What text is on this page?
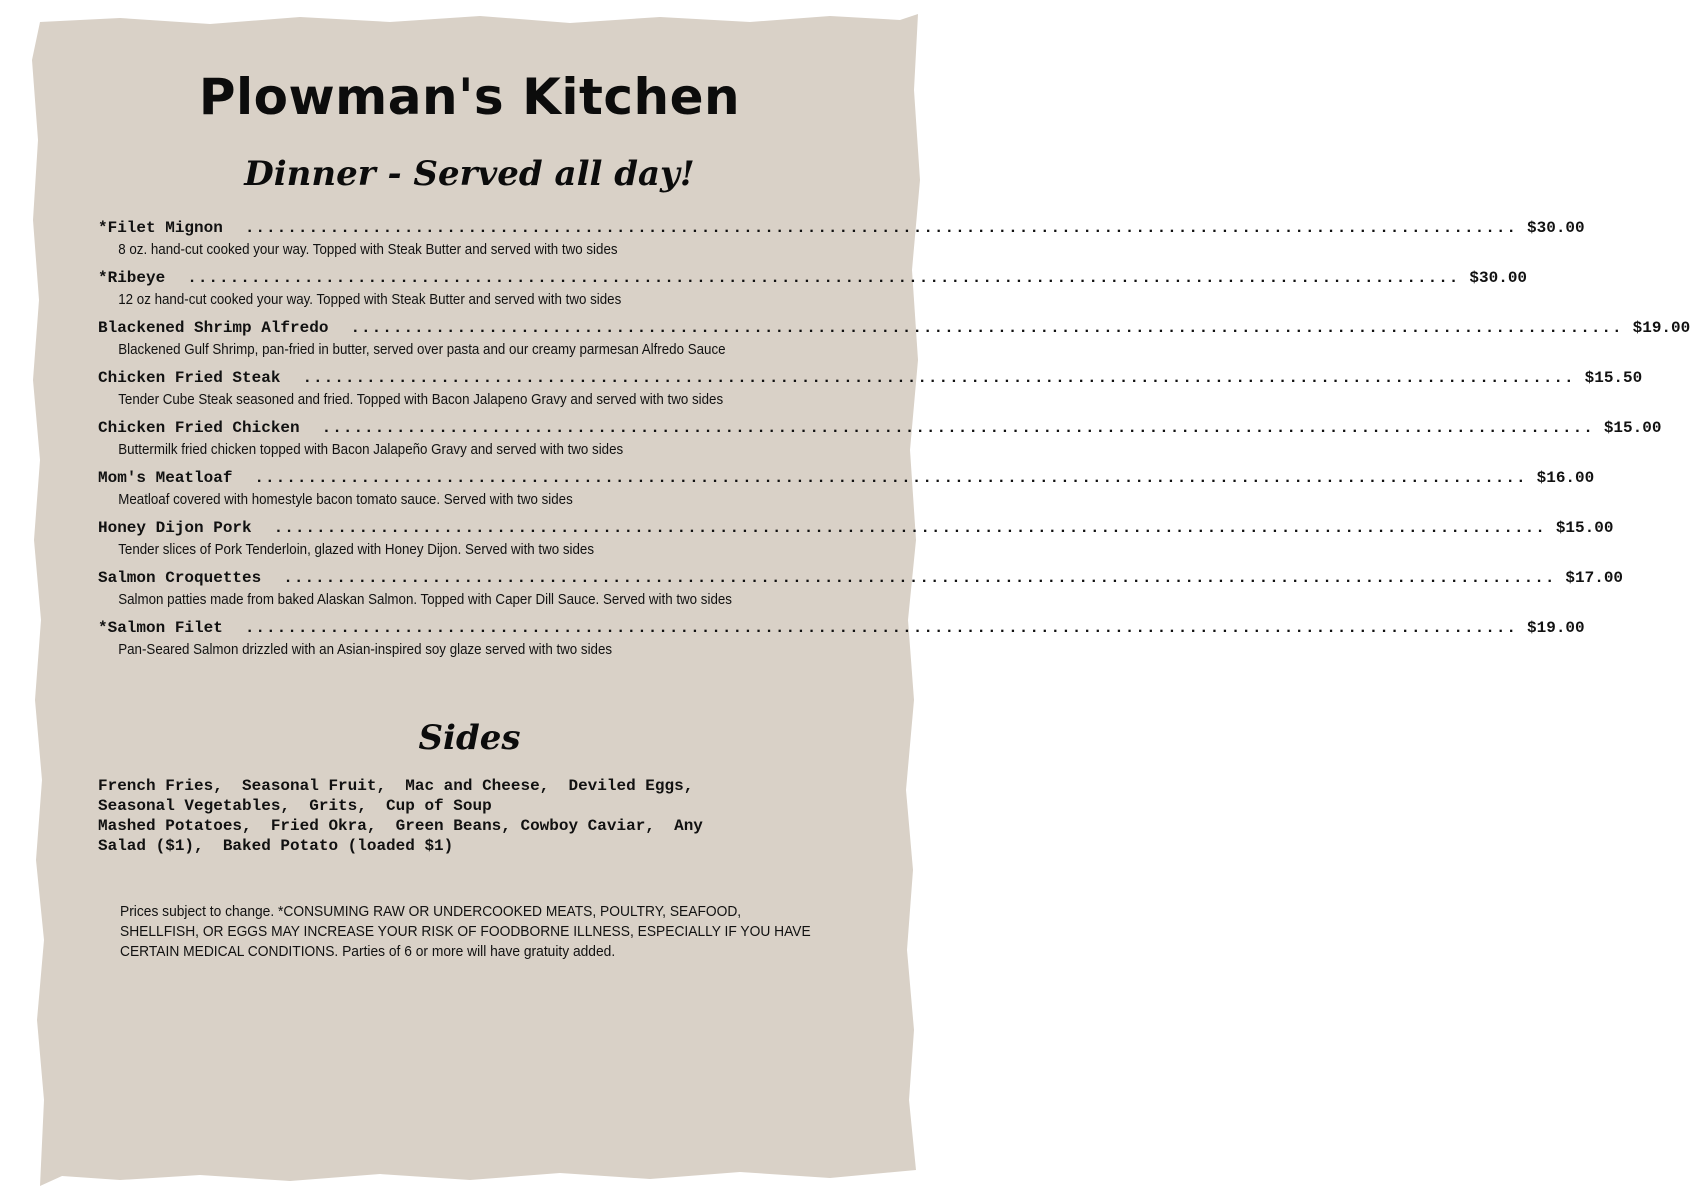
Plowman's Kitchen
Dinner - Served all day!
*Filet Mignon ........................................................................................................................ $30.00
8 oz. hand-cut cooked your way. Topped with Steak Butter and served with two sides
*Ribeye ........................................................................................................................ $30.00
12 oz hand-cut cooked your way. Topped with Steak Butter and served with two sides
Blackened Shrimp Alfredo ........................................................................................................................ $19.00
Blackened Gulf Shrimp, pan-fried in butter, served over pasta and our creamy parmesan Alfredo Sauce
Chicken Fried Steak ........................................................................................................................ $15.50
Tender Cube Steak seasoned and fried. Topped with Bacon Jalapeno Gravy and served with two sides
Chicken Fried Chicken ........................................................................................................................ $15.00
Buttermilk fried chicken topped with Bacon Jalapeño Gravy and served with two sides
Mom's Meatloaf ........................................................................................................................ $16.00
Meatloaf covered with homestyle bacon tomato sauce. Served with two sides
Honey Dijon Pork ........................................................................................................................ $15.00
Tender slices of Pork Tenderloin, glazed with Honey Dijon. Served with two sides
Salmon Croquettes ........................................................................................................................ $17.00
Salmon patties made from baked Alaskan Salmon. Topped with Caper Dill Sauce. Served with two sides
*Salmon Filet ........................................................................................................................ $19.00
Pan-Seared Salmon drizzled with an Asian-inspired soy glaze served with two sides
Sides

French Fries,  Seasonal Fruit,  Mac and Cheese,  Deviled Eggs,
Seasonal Vegetables,  Grits,  Cup of Soup
Mashed Potatoes,  Fried Okra,  Green Beans, Cowboy Caviar,  Any
Salad ($1),  Baked Potato (loaded $1)

Prices subject to change. *CONSUMING RAW OR UNDERCOOKED MEATS, POULTRY, SEAFOOD, SHELLFISH, OR EGGS MAY INCREASE YOUR RISK OF FOODBORNE ILLNESS, ESPECIALLY IF YOU HAVE CERTAIN MEDICAL CONDITIONS. Parties of 6 or more will have gratuity added.
